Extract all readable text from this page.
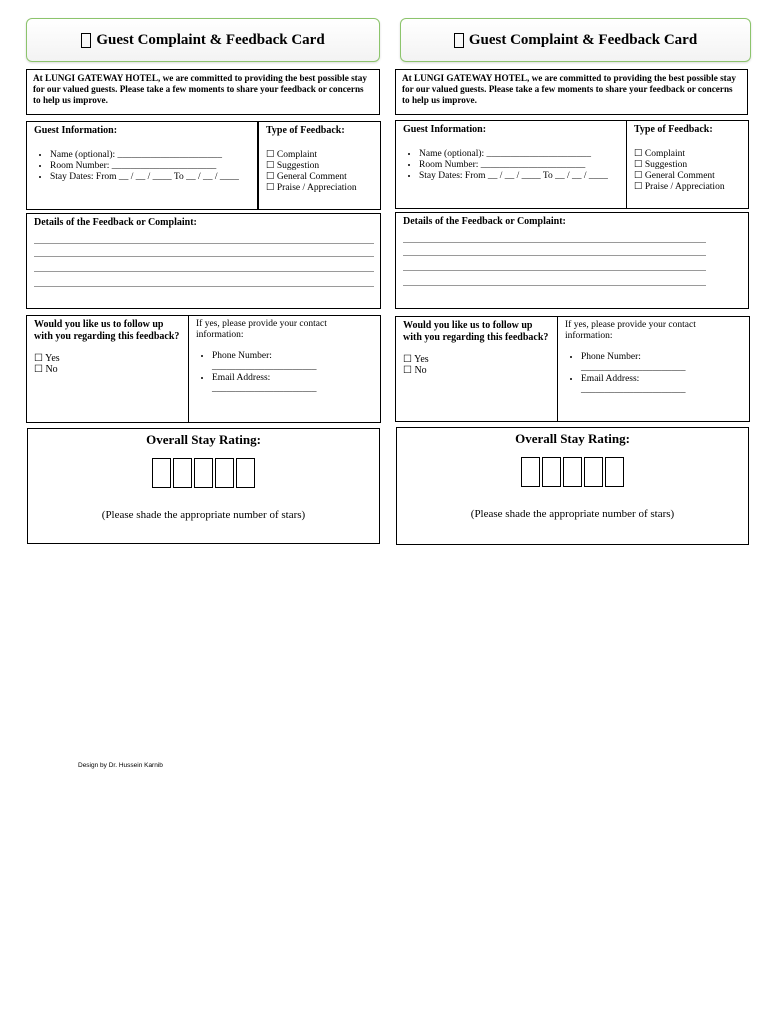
Guest Complaint & Feedback Card
At LUNGI GATEWAY HOTEL, we are committed to providing the best possible stay for our valued guests. Please take a few moments to share your feedback or concerns to help us improve.
Guest Information:
• Name (optional): ______________________
• Room Number: ______________________
• Stay Dates: From __ / __ / ____ To __ / __ / ____
Type of Feedback:
☐ Complaint
☐ Suggestion
☐ General Comment
☐ Praise / Appreciation
Details of the Feedback or Complaint:
Would you like us to follow up with you regarding this feedback?
☐ Yes
☐ No
If yes, please provide your contact information:
• Phone Number:
______________________
• Email Address:
______________________
Overall Stay Rating:
(Please shade the appropriate number of stars)
Guest Complaint & Feedback Card
At LUNGI GATEWAY HOTEL, we are committed to providing the best possible stay for our valued guests. Please take a few moments to share your feedback or concerns to help us improve.
Guest Information:
• Name (optional): ______________________
• Room Number: ______________________
• Stay Dates: From __ / __ / ____ To __ / __ / ____
Type of Feedback:
☐ Complaint
☐ Suggestion
☐ General Comment
☐ Praise / Appreciation
Details of the Feedback or Complaint:
Would you like us to follow up with you regarding this feedback?
☐ Yes
☐ No
If yes, please provide your contact information:
• Phone Number:
______________________
• Email Address:
______________________
Overall Stay Rating:
(Please shade the appropriate number of stars)
Design by Dr. Hussein Karnib
